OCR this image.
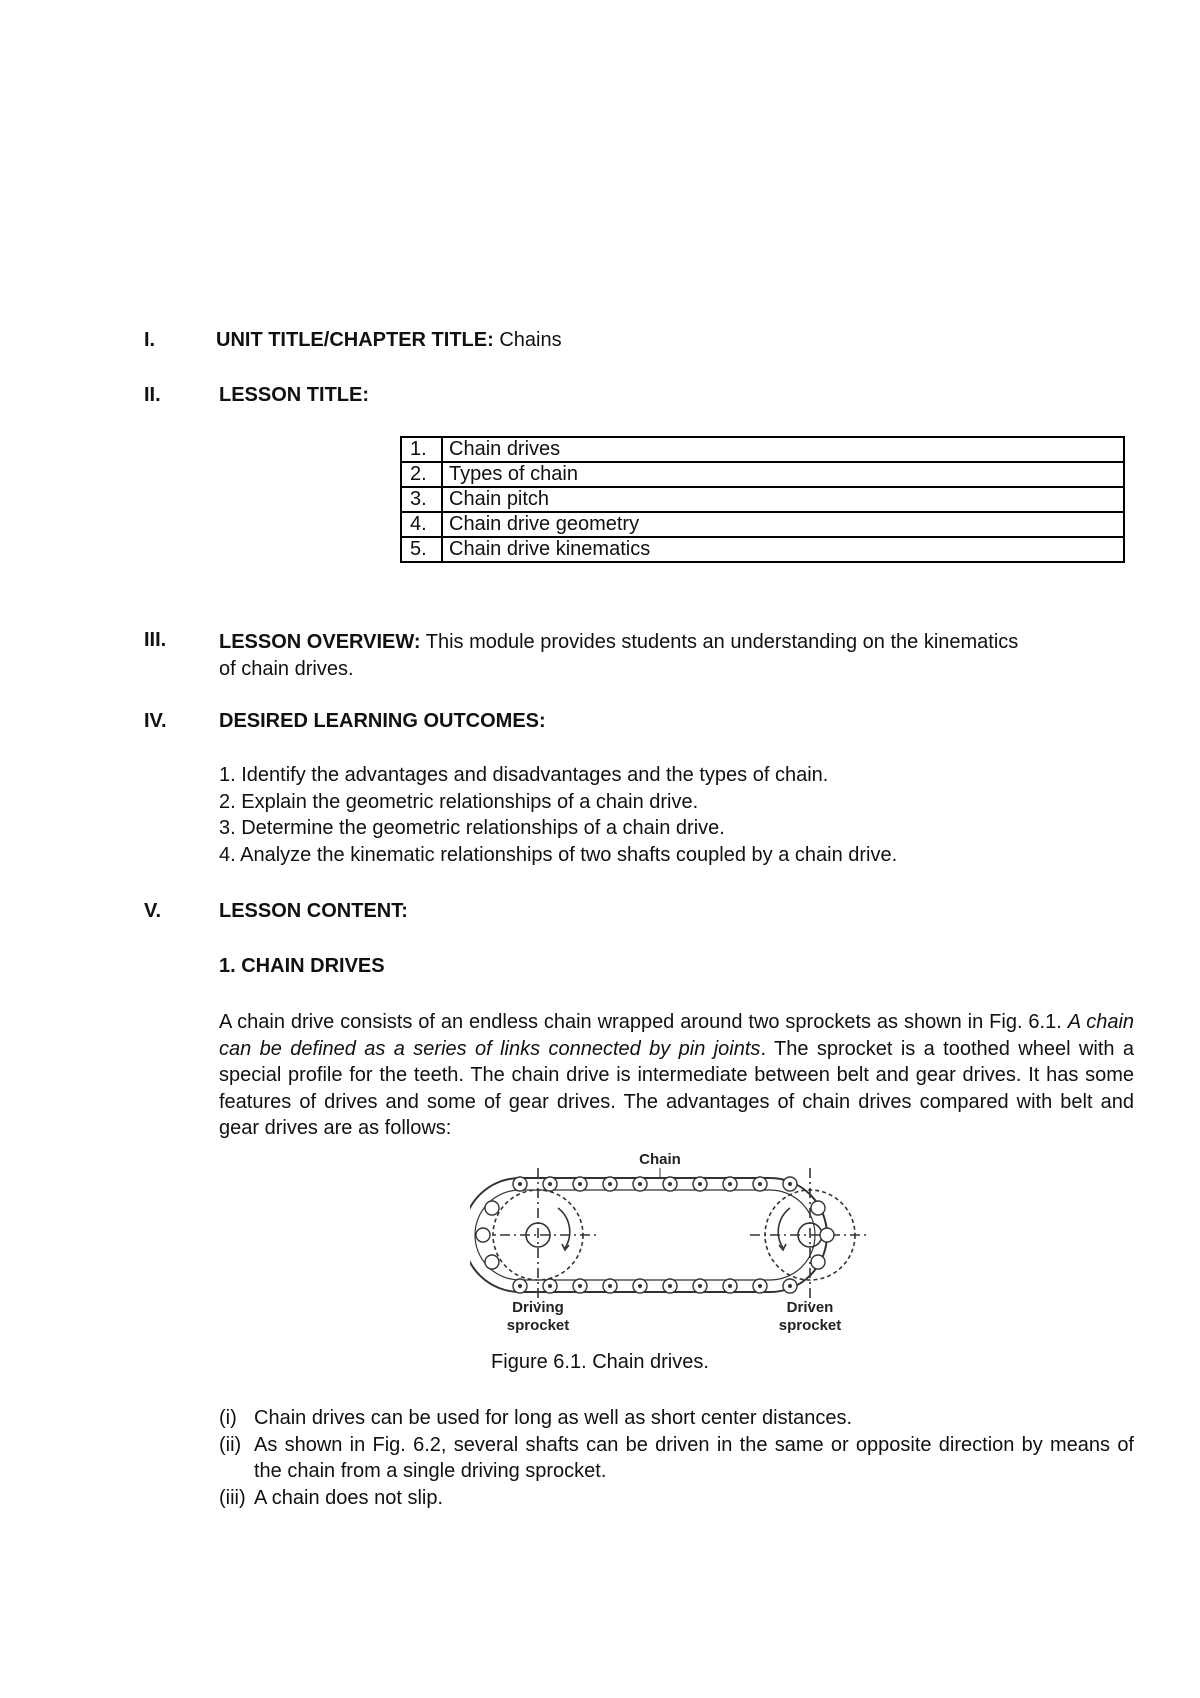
I.	UNIT TITLE/CHAPTER TITLE: Chains
II.	LESSON TITLE:
1.	Chain drives
2.	Types of chain
3.	Chain pitch
4.	Chain drive geometry
5.	Chain drive kinematics
III.	LESSON OVERVIEW: This module provides students an understanding on the kinematics
of chain drives.
IV.	DESIRED LEARNING OUTCOMES:
1. Identify the advantages and disadvantages and the types of chain.
2. Explain the geometric relationships of a chain drive.
3. Determine the geometric relationships of a chain drive.
4. Analyze the kinematic relationships of two shafts coupled by a chain drive.
V.	LESSON CONTENT:
1. CHAIN DRIVES
A chain drive consists of an endless chain wrapped around two sprockets as shown in Fig. 6.1. A chain can be defined as a series of links connected by pin joints. The sprocket is a toothed wheel with a special profile for the teeth. The chain drive is intermediate between belt and gear drives. It has some features of drives and some of gear drives. The advantages of chain drives compared with belt and gear drives are as follows:
Chain
Driving
sprocket
Driven
sprocket
Figure 6.1. Chain drives.
(i) Chain drives can be used for long as well as short center distances.
(ii) As shown in Fig. 6.2, several shafts can be driven in the same or opposite direction by means of the chain from a single driving sprocket.
(iii) A chain does not slip.
